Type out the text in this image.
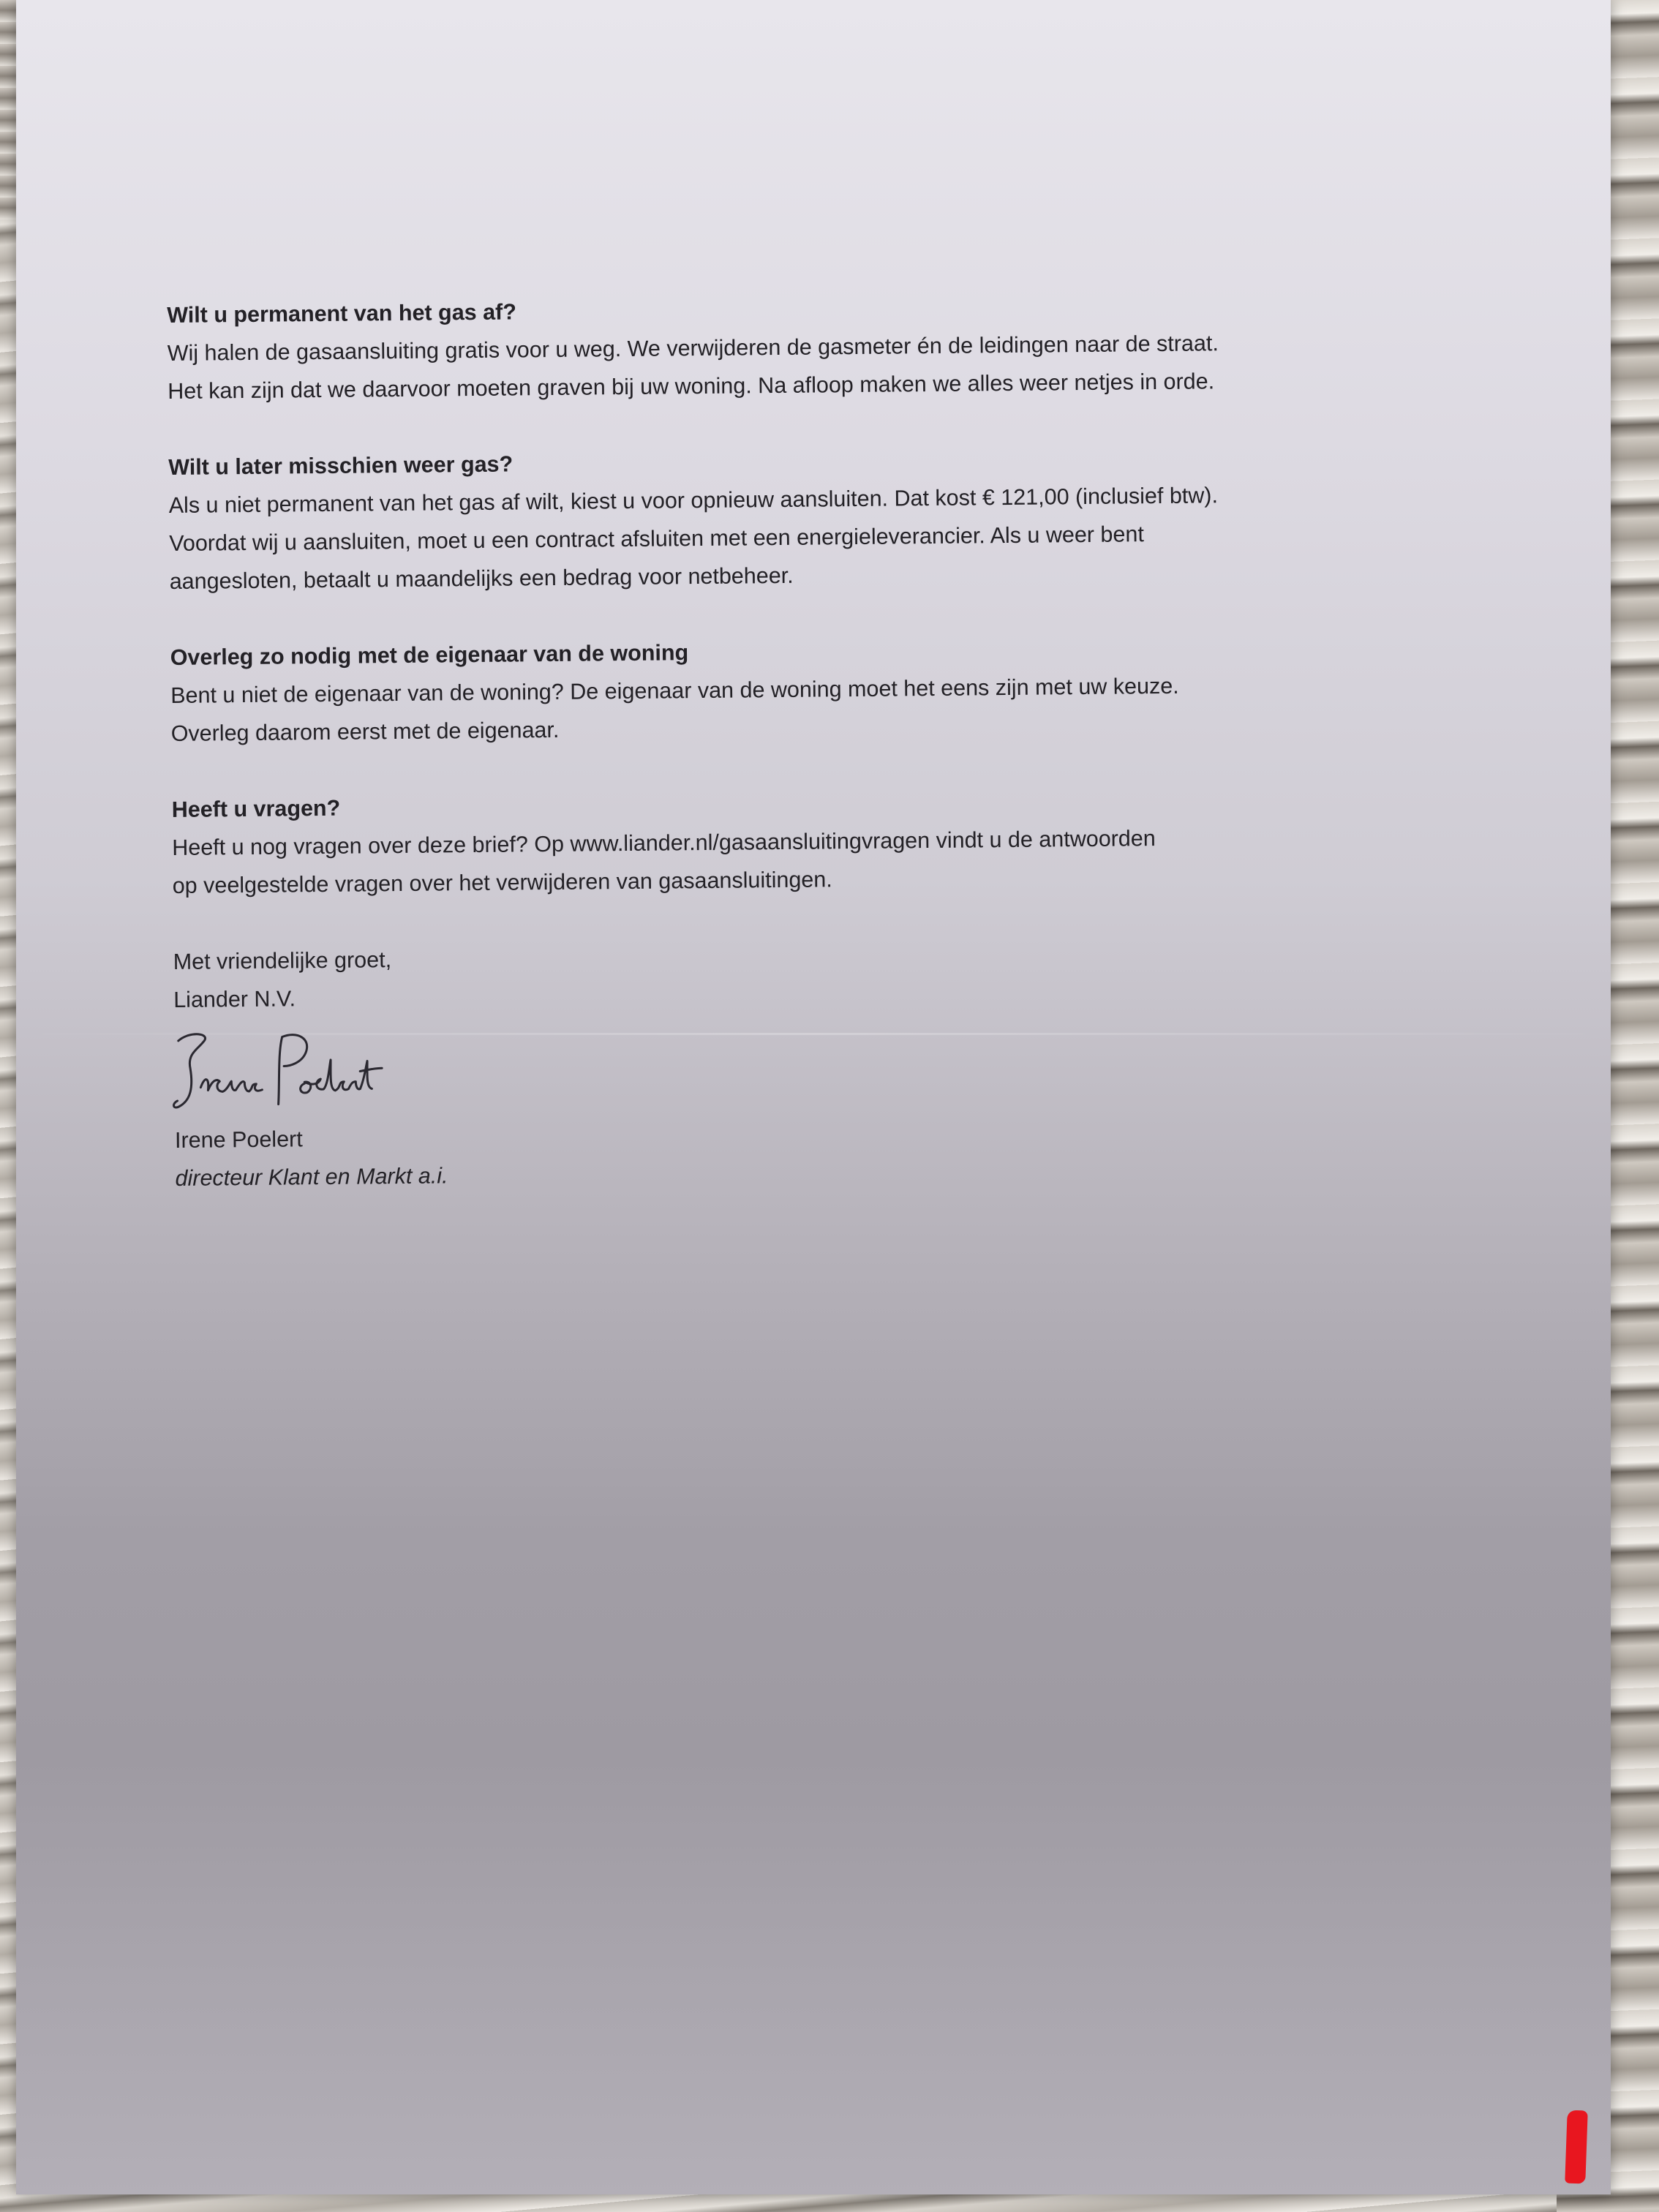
Wilt u permanent van het gas af?

Wij halen de gasaansluiting gratis voor u weg. We verwijderen de gasmeter én de leidingen naar de straat.
Het kan zijn dat we daarvoor moeten graven bij uw woning. Na afloop maken we alles weer netjes in orde.

Wilt u later misschien weer gas?

Als u niet permanent van het gas af wilt, kiest u voor opnieuw aansluiten. Dat kost € 121,00 (inclusief btw).
Voordat wij u aansluiten, moet u een contract afsluiten met een energieleverancier. Als u weer bent
aangesloten, betaalt u maandelijks een bedrag voor netbeheer.

Overleg zo nodig met de eigenaar van de woning

Bent u niet de eigenaar van de woning? De eigenaar van de woning moet het eens zijn met uw keuze.
Overleg daarom eerst met de eigenaar.

Heeft u vragen?

Heeft u nog vragen over deze brief? Op www.liander.nl/gasaansluitingvragen vindt u de antwoorden
op veelgestelde vragen over het verwijderen van gasaansluitingen.

Met vriendelijke groet,

Liander N.V.

Irene Poelert

directeur Klant en Markt a.i.
